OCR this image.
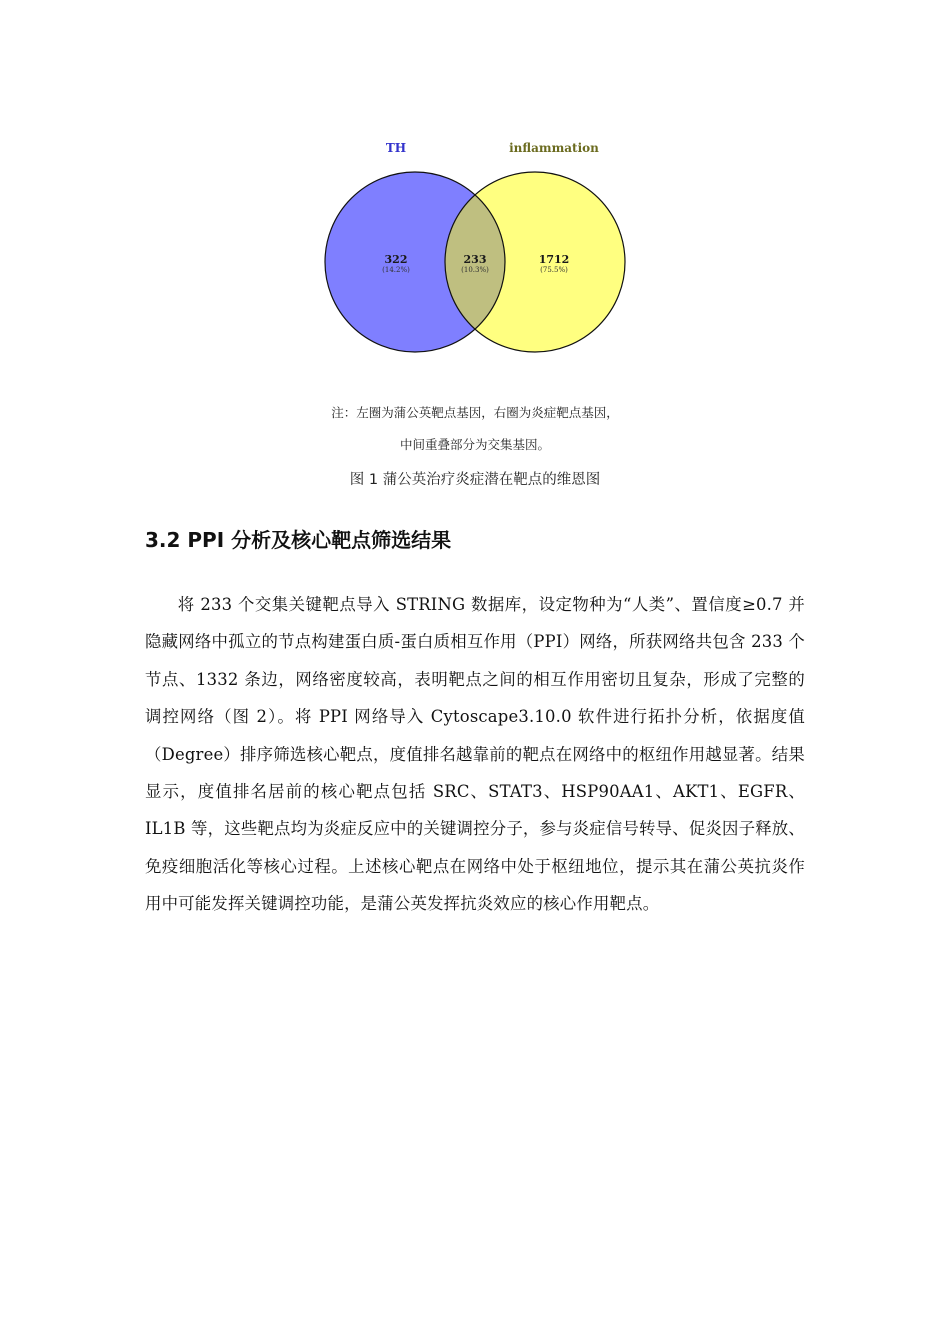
TH	inflammation
322
(14.2%)
233
(10.3%)
1712
(75.5%)
注：左圈为蒲公英靶点基因，右圈为炎症靶点基因，
中间重叠部分为交集基因。
图 1 蒲公英治疗炎症潜在靶点的维恩图
3.2 PPI 分析及核心靶点筛选结果
将 233 个交集关键靶点导入 STRING 数据库，设定物种为“人类”、置信度≥0.7 并隐藏网络中孤立的节点构建蛋白质-蛋白质相互作用（PPI）网络，所获网络共包含 233 个节点、1332 条边，网络密度较高，表明靶点之间的相互作用密切且复杂，形成了完整的调控网络（图 2）。将 PPI 网络导入 Cytoscape3.10.0 软件进行拓扑分析，依据度值（Degree）排序筛选核心靶点，度值排名越靠前的靶点在网络中的枢纽作用越显著。结果显示，度值排名居前的核心靶点包括 SRC、STAT3、HSP90AA1、AKT1、EGFR、IL1B 等，这些靶点均为炎症反应中的关键调控分子，参与炎症信号转导、促炎因子释放、免疫细胞活化等核心过程。上述核心靶点在网络中处于枢纽地位，提示其在蒲公英抗炎作用中可能发挥关键调控功能，是蒲公英发挥抗炎效应的核心作用靶点。
